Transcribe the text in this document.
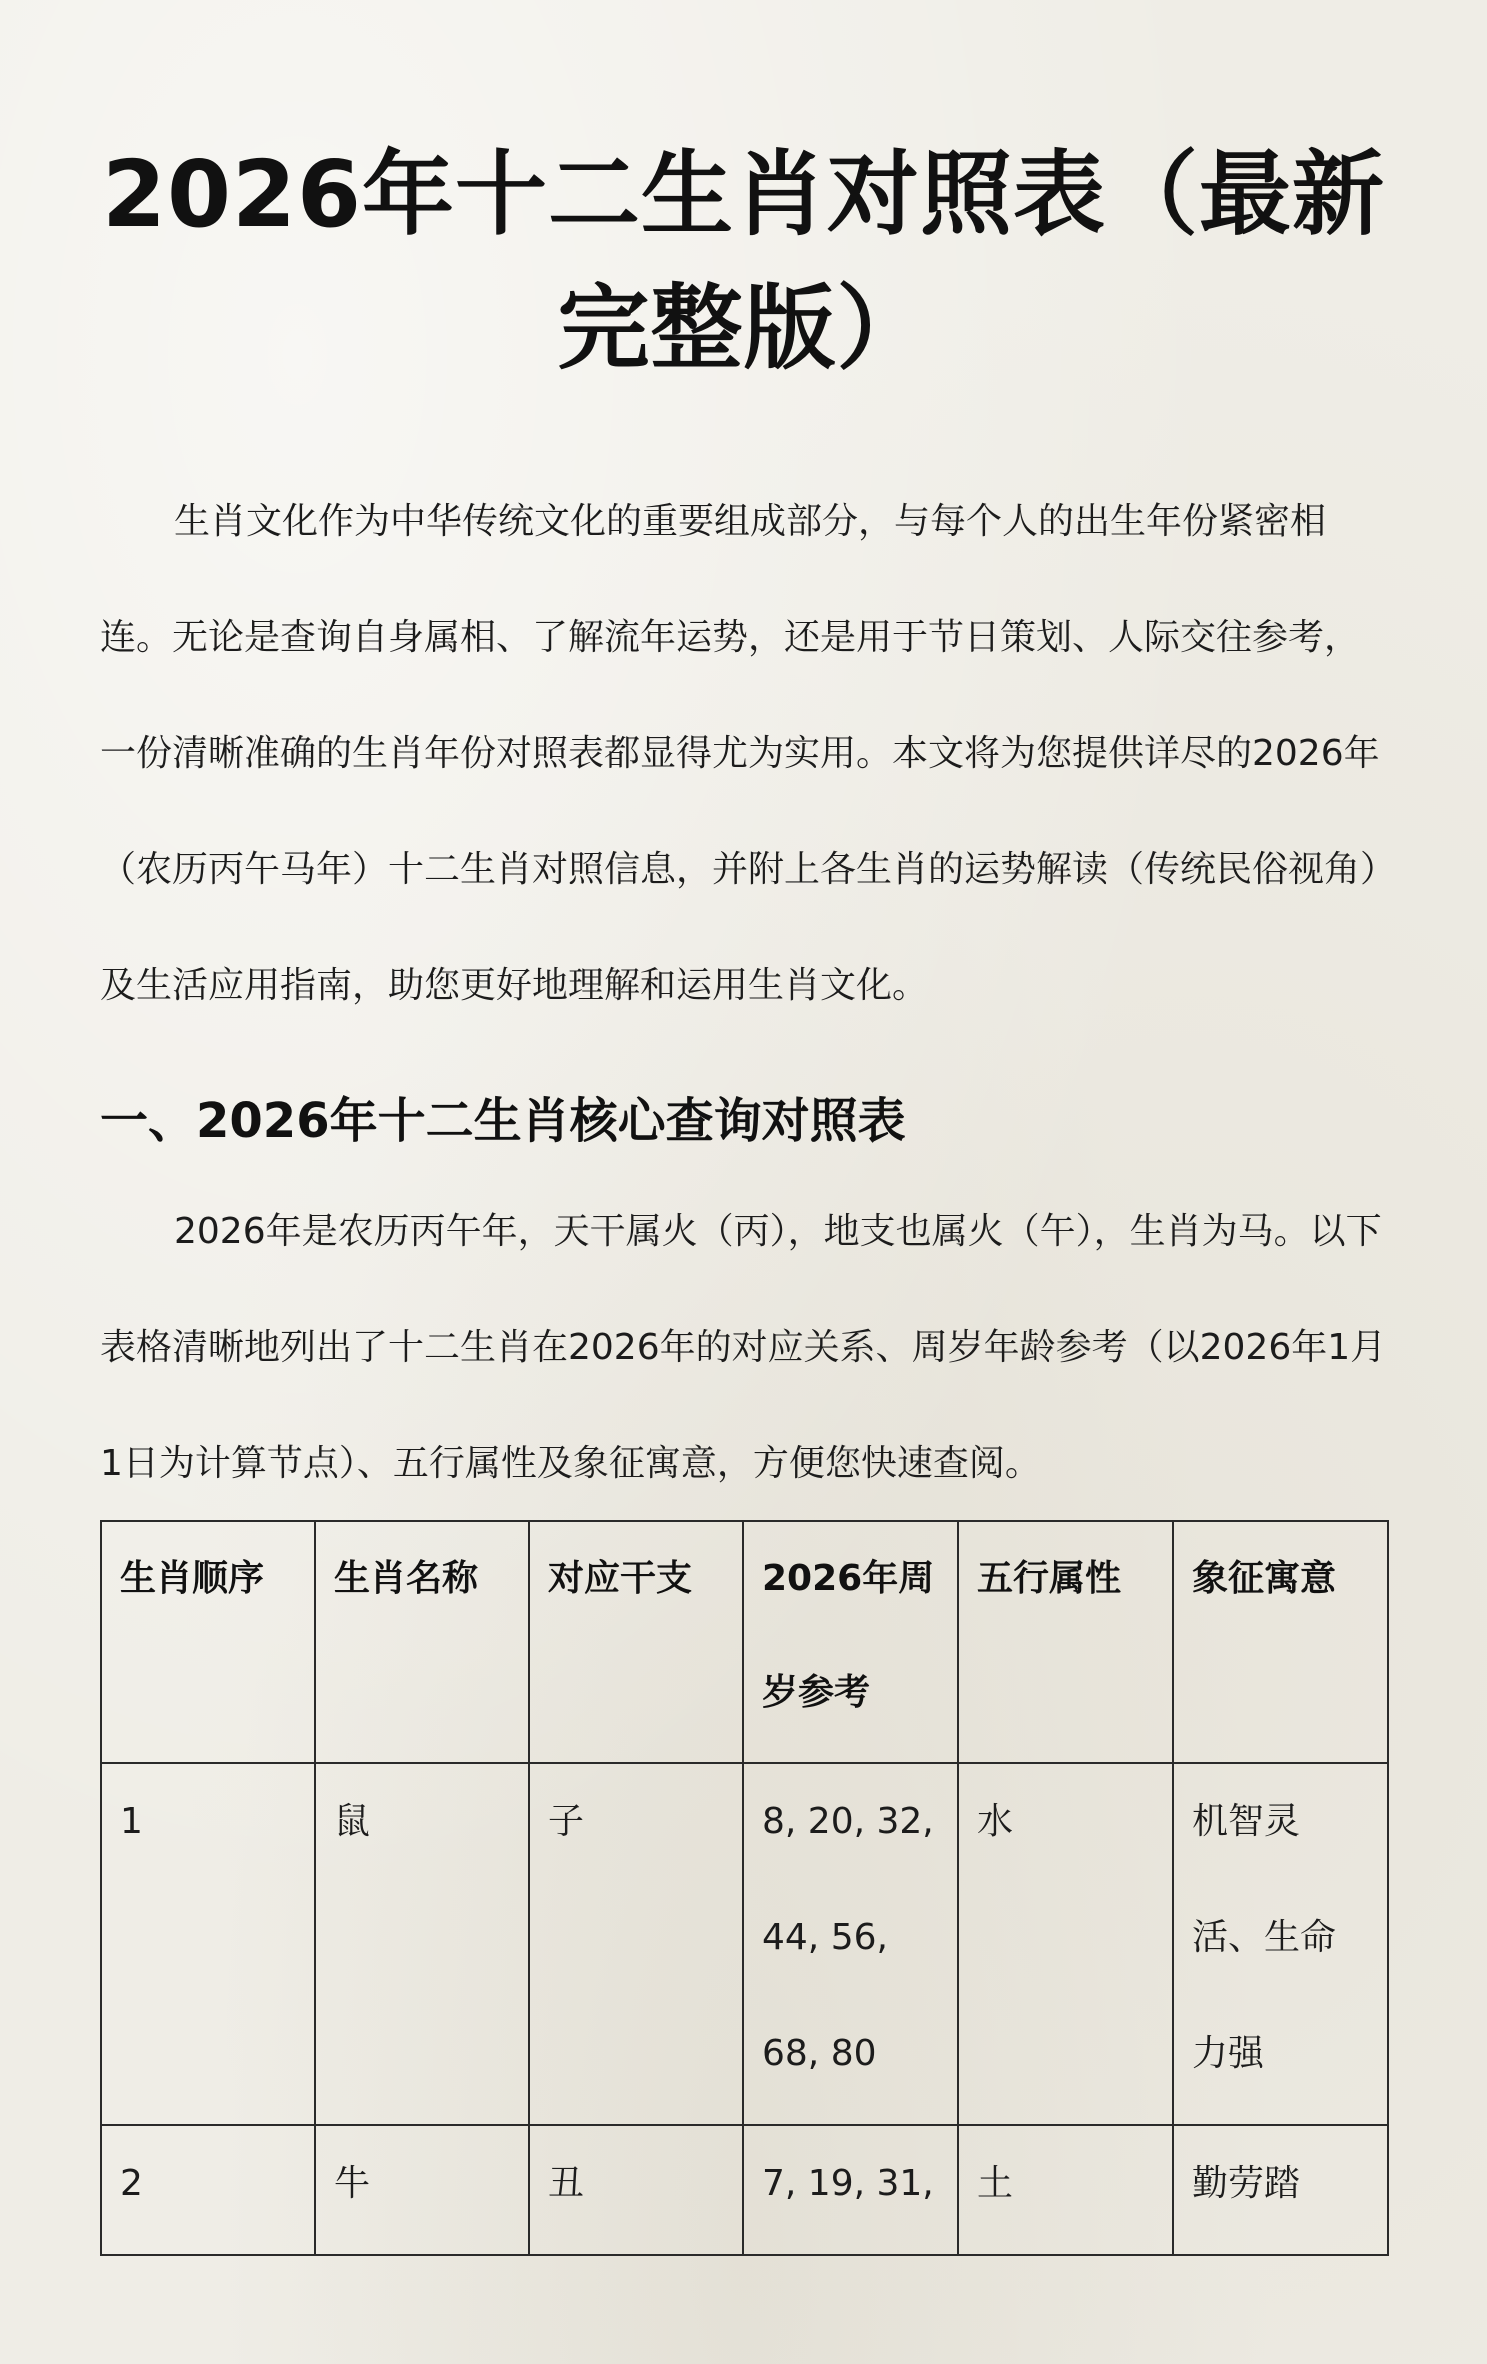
2026年十二生肖对照表（最新完整版）

生肖文化作为中华传统文化的重要组成部分，与每个人的出生年份紧密相连。无论是查询自身属相、了解流年运势，还是用于节日策划、人际交往参考，一份清晰准确的生肖年份对照表都显得尤为实用。本文将为您提供详尽的2026年（农历丙午马年）十二生肖对照信息，并附上各生肖的运势解读（传统民俗视角）及生活应用指南，助您更好地理解和运用生肖文化。

一、2026年十二生肖核心查询对照表

2026年是农历丙午年，天干属火（丙），地支也属火（午），生肖为马。以下表格清晰地列出了十二生肖在2026年的对应关系、周岁年龄参考（以2026年1月1日为计算节点）、五行属性及象征寓意，方便您快速查阅。

生肖顺序	生肖名称	对应干支	2026年周岁参考	五行属性	象征寓意
1	鼠	子	8, 20, 32, 44, 56, 68, 80	水	机智灵活、生命力强
2	牛	丑	7, 19, 31,	土	勤劳踏
